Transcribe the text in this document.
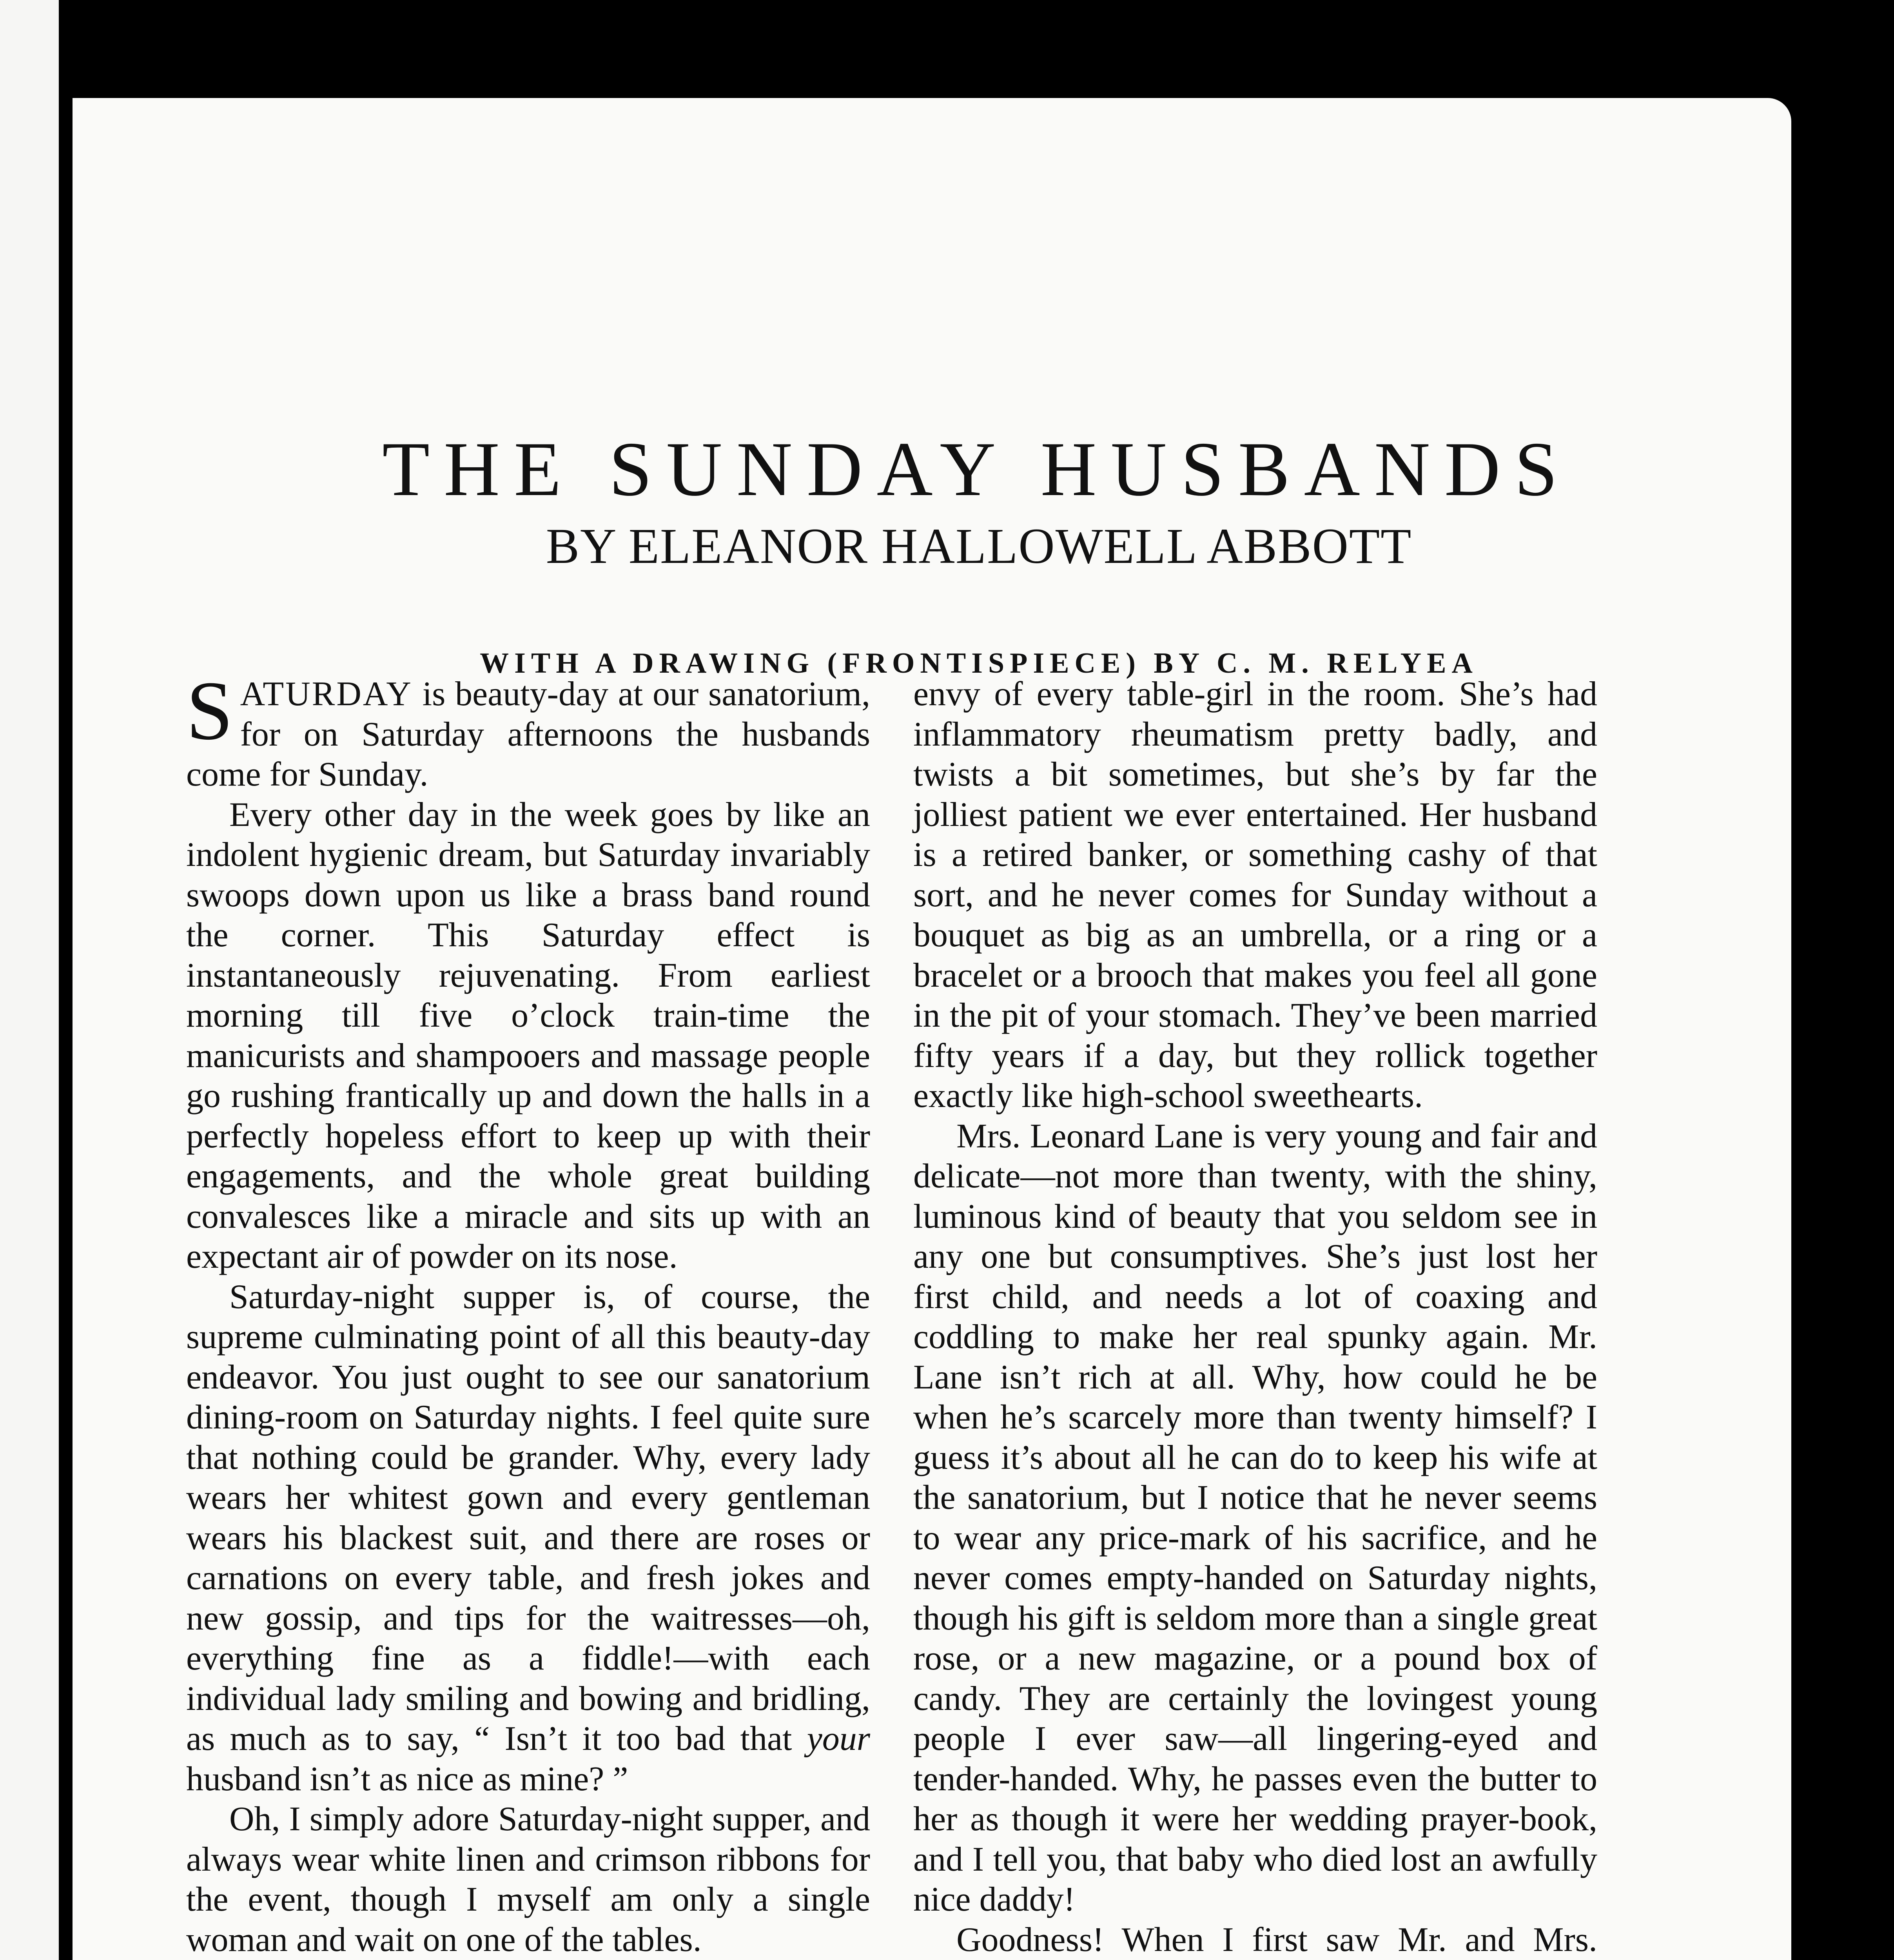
THE SUNDAY HUSBANDS
BY ELEANOR HALLOWELL ABBOTT
WITH A DRAWING (FRONTISPIECE) BY C. M. RELYEA

SATURDAY is beauty-day at our sanatorium, for on Saturday afternoons the husbands come for Sunday.

Every other day in the week goes by like an indolent hygienic dream, but Saturday invariably swoops down upon us like a brass band round the corner. This Saturday effect is instantaneously rejuvenating. From earliest morning till five o’clock train-time the manicurists and shampooers and massage people go rushing frantically up and down the halls in a perfectly hopeless effort to keep up with their engagements, and the whole great building convalesces like a miracle and sits up with an expectant air of powder on its nose.

Saturday-night supper is, of course, the supreme culminating point of all this beauty-day endeavor. You just ought to see our sanatorium dining-room on Saturday nights. I feel quite sure that nothing could be grander. Why, every lady wears her whitest gown and every gentleman wears his blackest suit, and there are roses or carnations on every table, and fresh jokes and new gossip, and tips for the waitresses—oh, everything fine as a fiddle!—with each individual lady smiling and bowing and bridling, as much as to say, “ Isn’t it too bad that your husband isn’t as nice as mine? ”

Oh, I simply adore Saturday-night supper, and always wear white linen and crimson ribbons for the event, though I myself am only a single woman and wait on one of the tables.

envy of every table-girl in the room. She’s had inflammatory rheumatism pretty badly, and twists a bit sometimes, but she’s by far the jolliest patient we ever entertained. Her husband is a retired banker, or something cashy of that sort, and he never comes for Sunday without a bouquet as big as an umbrella, or a ring or a bracelet or a brooch that makes you feel all gone in the pit of your stomach. They’ve been married fifty years if a day, but they rollick together exactly like high-school sweethearts.

Mrs. Leonard Lane is very young and fair and delicate—not more than twenty, with the shiny, luminous kind of beauty that you seldom see in any one but consumptives. She’s just lost her first child, and needs a lot of coaxing and coddling to make her real spunky again. Mr. Lane isn’t rich at all. Why, how could he be when he’s scarcely more than twenty himself? I guess it’s about all he can do to keep his wife at the sanatorium, but I notice that he never seems to wear any price-mark of his sacrifice, and he never comes empty-handed on Saturday nights, though his gift is seldom more than a single great rose, or a new magazine, or a pound box of candy. They are certainly the lovingest young people I ever saw—all lingering-eyed and tender-handed. Why, he passes even the butter to her as though it were her wedding prayer-book, and I tell you, that baby who died lost an awfully nice daddy!

Goodness! When I first saw Mr. and Mrs.
